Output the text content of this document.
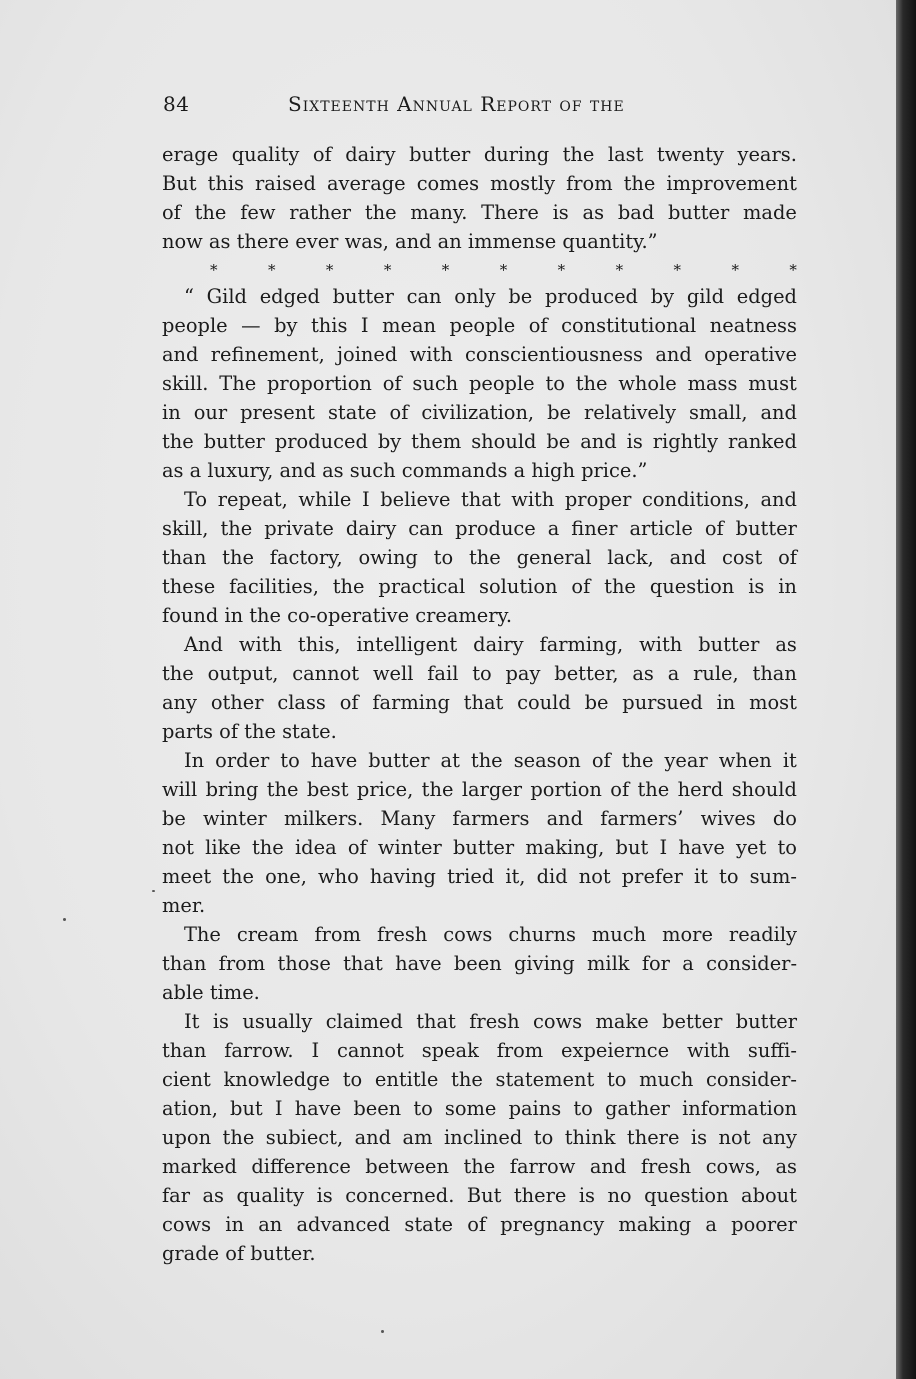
84	Sixteenth Annual Report of the
erage quality of dairy butter during the last twenty years.
But this raised average comes mostly from the improvement
of the few rather the many. There is as bad butter made
now as there ever was, and an immense quantity.”
*	*	*	*	*	*	*	*	*	*	*
“ Gild edged butter can only be produced by gild edged
people — by this I mean people of constitutional neatness
and refinement, joined with conscientiousness and operative
skill. The proportion of such people to the whole mass must
in our present state of civilization, be relatively small, and
the butter produced by them should be and is rightly ranked
as a luxury, and as such commands a high price.”
To repeat, while I believe that with proper conditions, and
skill, the private dairy can produce a finer article of butter
than the factory, owing to the general lack, and cost of
these facilities, the practical solution of the question is in
found in the co-operative creamery.
And with this, intelligent dairy farming, with butter as
the output, cannot well fail to pay better, as a rule, than
any other class of farming that could be pursued in most
parts of the state.
In order to have butter at the season of the year when it
will bring the best price, the larger portion of the herd should
be winter milkers. Many farmers and farmers’ wives do
not like the idea of winter butter making, but I have yet to
meet the one, who having tried it, did not prefer it to sum-
mer.
The cream from fresh cows churns much more readily
than from those that have been giving milk for a consider-
able time.
It is usually claimed that fresh cows make better butter
than farrow. I cannot speak from expeiernce with suffi-
cient knowledge to entitle the statement to much consider-
ation, but I have been to some pains to gather information
upon the subiect, and am inclined to think there is not any
marked difference between the farrow and fresh cows, as
far as quality is concerned. But there is no question about
cows in an advanced state of pregnancy making a poorer
grade of butter.
